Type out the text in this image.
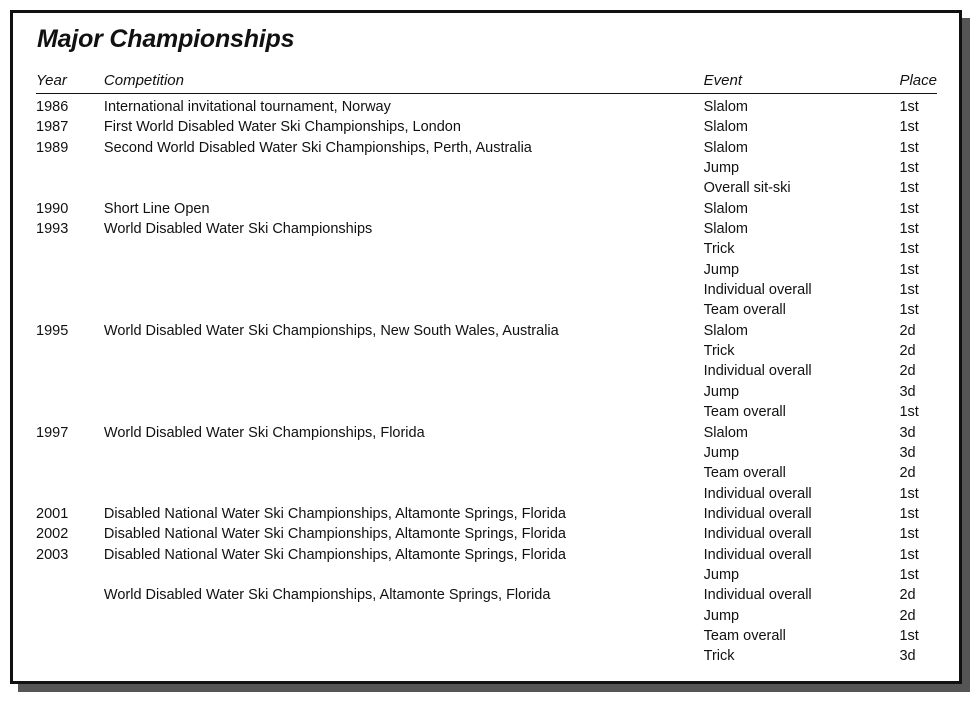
Major Championships
Year	Competition	Event	Place
1986	International invitational tournament, Norway	Slalom	1st
1987	First World Disabled Water Ski Championships, London	Slalom	1st
1989	Second World Disabled Water Ski Championships, Perth, Australia	Slalom	1st
		Jump	1st
		Overall sit-ski	1st
1990	Short Line Open	Slalom	1st
1993	World Disabled Water Ski Championships	Slalom	1st
		Trick	1st
		Jump	1st
		Individual overall	1st
		Team overall	1st
1995	World Disabled Water Ski Championships, New South Wales, Australia	Slalom	2d
		Trick	2d
		Individual overall	2d
		Jump	3d
		Team overall	1st
1997	World Disabled Water Ski Championships, Florida	Slalom	3d
		Jump	3d
		Team overall	2d
		Individual overall	1st
2001	Disabled National Water Ski Championships, Altamonte Springs, Florida	Individual overall	1st
2002	Disabled National Water Ski Championships, Altamonte Springs, Florida	Individual overall	1st
2003	Disabled National Water Ski Championships, Altamonte Springs, Florida	Individual overall	1st
		Jump	1st
	World Disabled Water Ski Championships, Altamonte Springs, Florida	Individual overall	2d
		Jump	2d
		Team overall	1st
		Trick	3d
